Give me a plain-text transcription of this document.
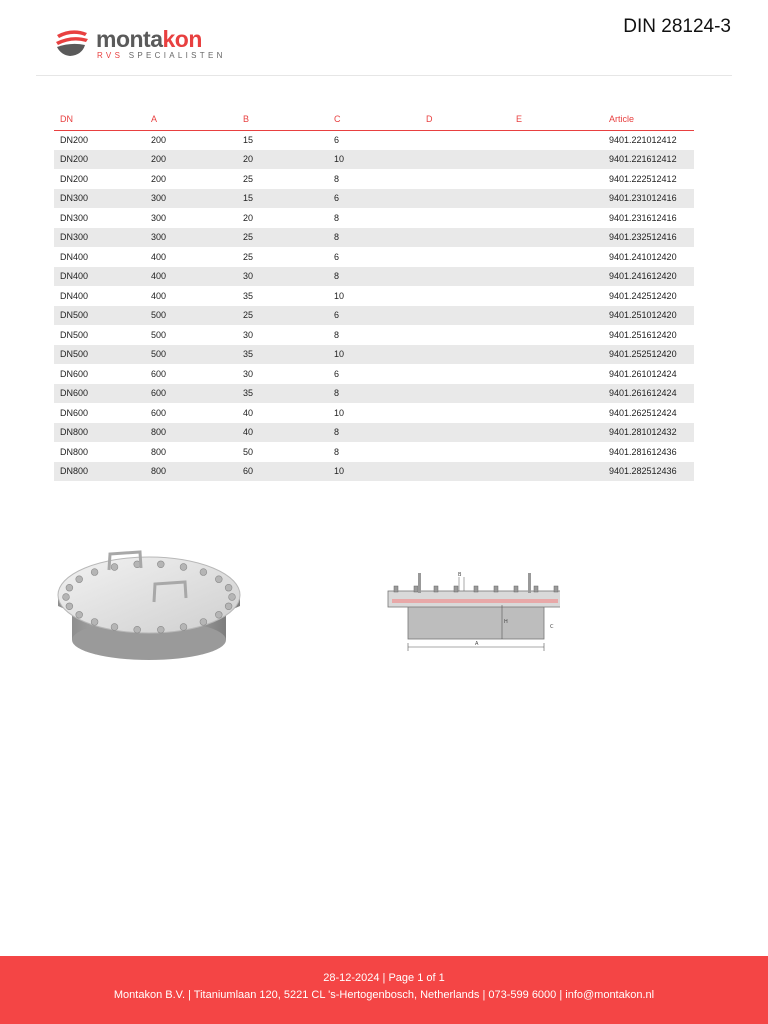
montakon
RVS SPECIALISTEN
DIN 28124-3
DN	A	B	C	D	E	Article
DN200	200	15	6			9401.221012412
DN200	200	20	10			9401.221612412
DN200	200	25	8			9401.222512412
DN300	300	15	6			9401.231012416
DN300	300	20	8			9401.231612416
DN300	300	25	8			9401.232512416
DN400	400	25	6			9401.241012420
DN400	400	30	8			9401.241612420
DN400	400	35	10			9401.242512420
DN500	500	25	6			9401.251012420
DN500	500	30	8			9401.251612420
DN500	500	35	10			9401.252512420
DN600	600	30	6			9401.261012424
DN600	600	35	8			9401.261612424
DN600	600	40	10			9401.262512424
DN800	800	40	8			9401.281012432
DN800	800	50	8			9401.281612436
DN800	800	60	10			9401.282512436
A
B
C
H
28-12-2024 | Page 1 of 1
Montakon B.V. | Titaniumlaan 120, 5221 CL 's-Hertogenbosch, Netherlands | 073-599 6000 | info@montakon.nl
